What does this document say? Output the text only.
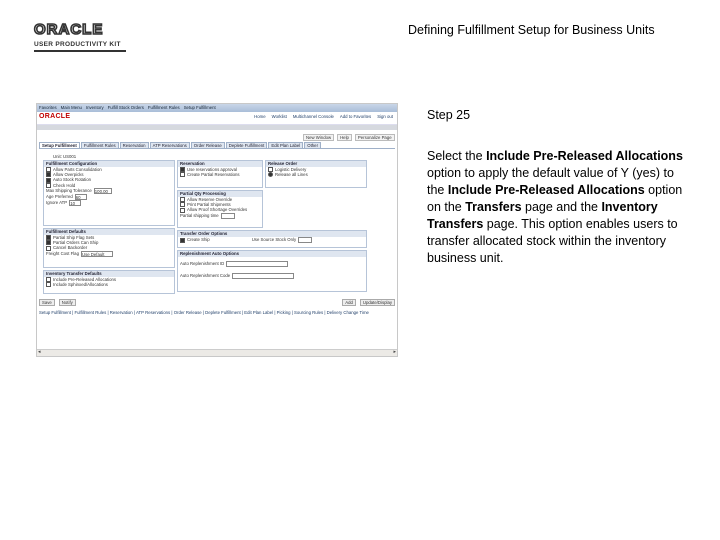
ORACLE
USER PRODUCTIVITY KIT
Defining Fulfillment Setup for Business Units
Favorites Main Menu Inventory Fulfill Stock Orders Fulfillment Rules Setup Fulfillment
ORACLE	Home Worklist Multichannel Console Add to Favorites Sign out
New Window	Help	Personalize Page
Setup Fulfillment	Fulfillment Rules	Reservation	ATP Reservations	Order Release	Deplete Fulfillment	Edit Plan Label	Other
Unit: US001
Fulfillment Configuration
Allow Parts Consolidation
Allow Overpicks
Auto Stock Rotation
Check Hold
Max Shipping Tolerance 100.00
Age Preferred 60
Ignore ATP 10
Fulfillment Defaults
Partial Ship Flag Sets
Partial Orders Can Ship
Cancel Backorder
Freight Cost Flag Use Default
Inventory Transfer Defaults
Include Pre-Released Allocations
Include Sphinxed/Allocations
Reservation
Use reservations approval
Create Partial Reservations
Partial Qty Processing
Allow Reserve Override
Print Partial Shipments
Allow Proof Shortage Overrides
Partial shipping time
Transfer Order Options
Create Ship	Use Source Stock Only
Replenishment Auto Options
Auto Replenishment ID
Auto Replenishment Code
Release Order
Logistic Delivery
Release all Lines
Save	Notify	Add	Update/Display
Setup Fulfillment | Fulfillment Rules | Reservation | ATP Reservations | Order Release | Deplete Fulfillment | Edit Plan Label | Picking | Sourcing Rules | Delivery Change Time
◂	▸
Step 25
Select the Include Pre-Released Allocations option to apply the default value of Y (yes) to the Include Pre-Released Allocations option on the Transfers page and the Inventory Transfers page. This option enables users to transfer allocated stock within the inventory business unit.
